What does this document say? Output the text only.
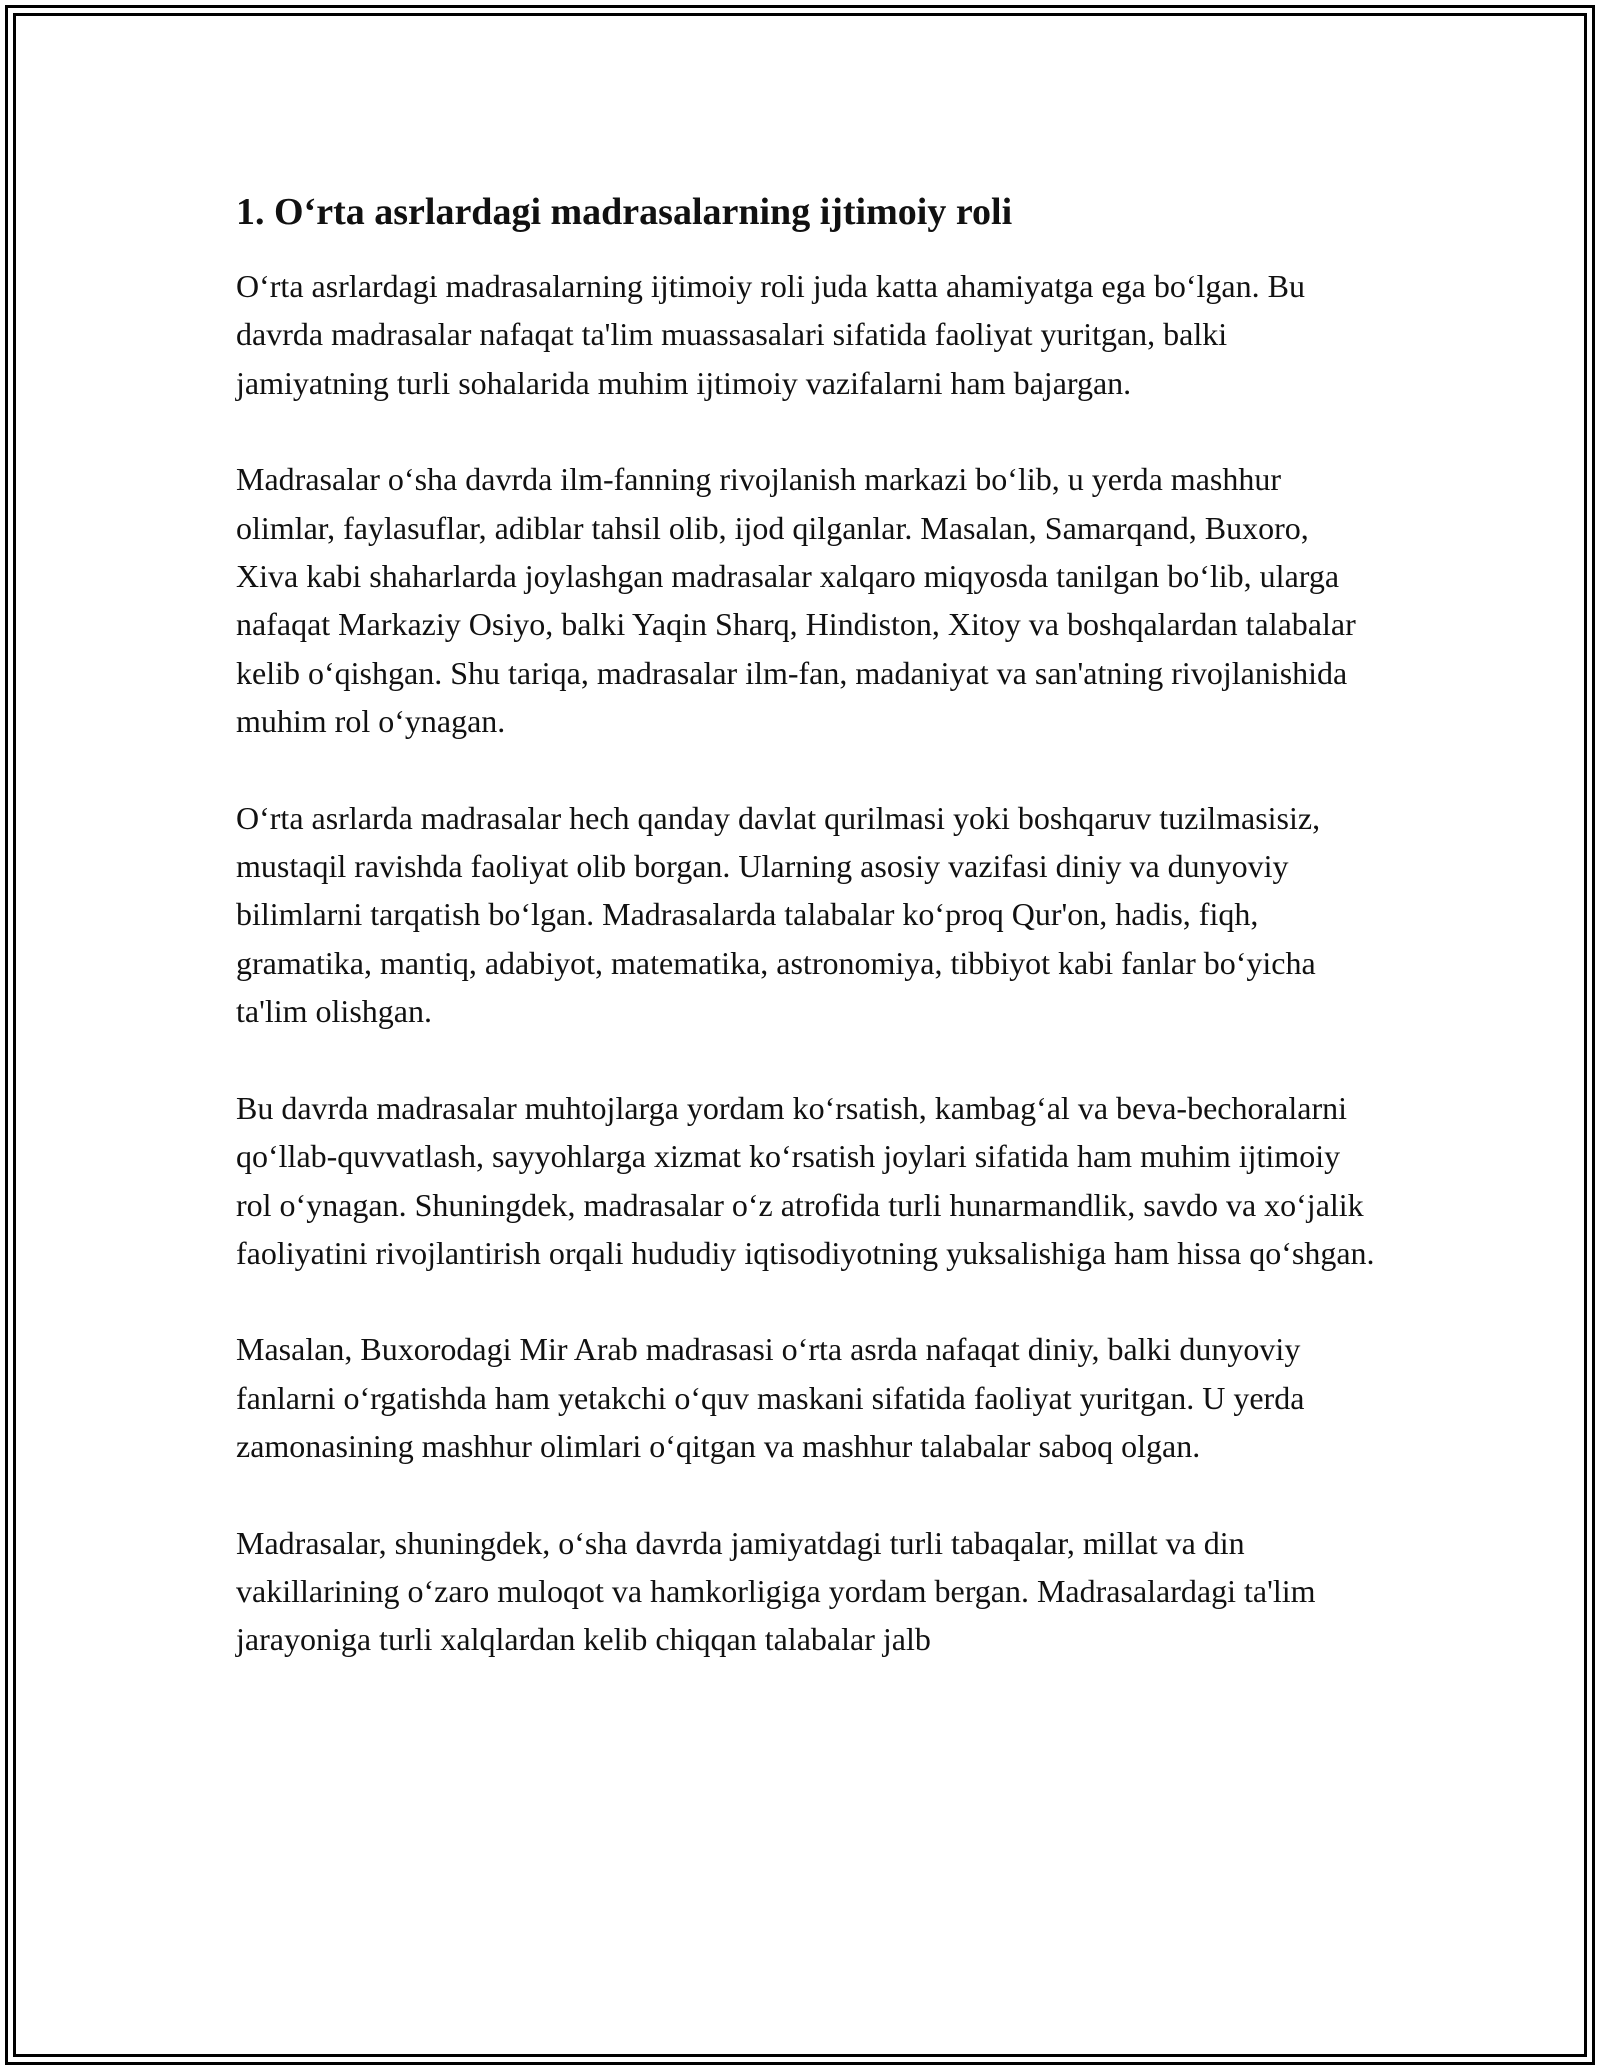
1. O‘rta asrlardagi madrasalarning ijtimoiy roli

O‘rta asrlardagi madrasalarning ijtimoiy roli juda katta ahamiyatga ega bo‘lgan. Bu davrda madrasalar nafaqat ta'lim muassasalari sifatida faoliyat yuritgan, balki jamiyatning turli sohalarida muhim ijtimoiy vazifalarni ham bajargan.

Madrasalar o‘sha davrda ilm-fanning rivojlanish markazi bo‘lib, u yerda mashhur olimlar, faylasuflar, adiblar tahsil olib, ijod qilganlar. Masalan, Samarqand, Buxoro, Xiva kabi shaharlarda joylashgan madrasalar xalqaro miqyosda tanilgan bo‘lib, ularga nafaqat Markaziy Osiyo, balki Yaqin Sharq, Hindiston, Xitoy va boshqalardan talabalar kelib o‘qishgan. Shu tariqa, madrasalar ilm-fan, madaniyat va san'atning rivojlanishida muhim rol o‘ynagan.

O‘rta asrlarda madrasalar hech qanday davlat qurilmasi yoki boshqaruv tuzilmasisiz, mustaqil ravishda faoliyat olib borgan. Ularning asosiy vazifasi diniy va dunyoviy bilimlarni tarqatish bo‘lgan. Madrasalarda talabalar ko‘proq Qur'on, hadis, fiqh, gramatika, mantiq, adabiyot, matematika, astronomiya, tibbiyot kabi fanlar bo‘yicha ta'lim olishgan.

Bu davrda madrasalar muhtojlarga yordam ko‘rsatish, kambag‘al va beva-bechoralarni qo‘llab-quvvatlash, sayyohlarga xizmat ko‘rsatish joylari sifatida ham muhim ijtimoiy rol o‘ynagan. Shuningdek, madrasalar o‘z atrofida turli hunarmandlik, savdo va xo‘jalik faoliyatini rivojlantirish orqali hududiy iqtisodiyotning yuksalishiga ham hissa qo‘shgan.

Masalan, Buxorodagi Mir Arab madrasasi o‘rta asrda nafaqat diniy, balki dunyoviy fanlarni o‘rgatishda ham yetakchi o‘quv maskani sifatida faoliyat yuritgan. U yerda zamonasining mashhur olimlari o‘qitgan va mashhur talabalar saboq olgan.

Madrasalar, shuningdek, o‘sha davrda jamiyatdagi turli tabaqalar, millat va din vakillarining o‘zaro muloqot va hamkorligiga yordam bergan. Madrasalardagi ta'lim jarayoniga turli xalqlardan kelib chiqqan talabalar jalb
